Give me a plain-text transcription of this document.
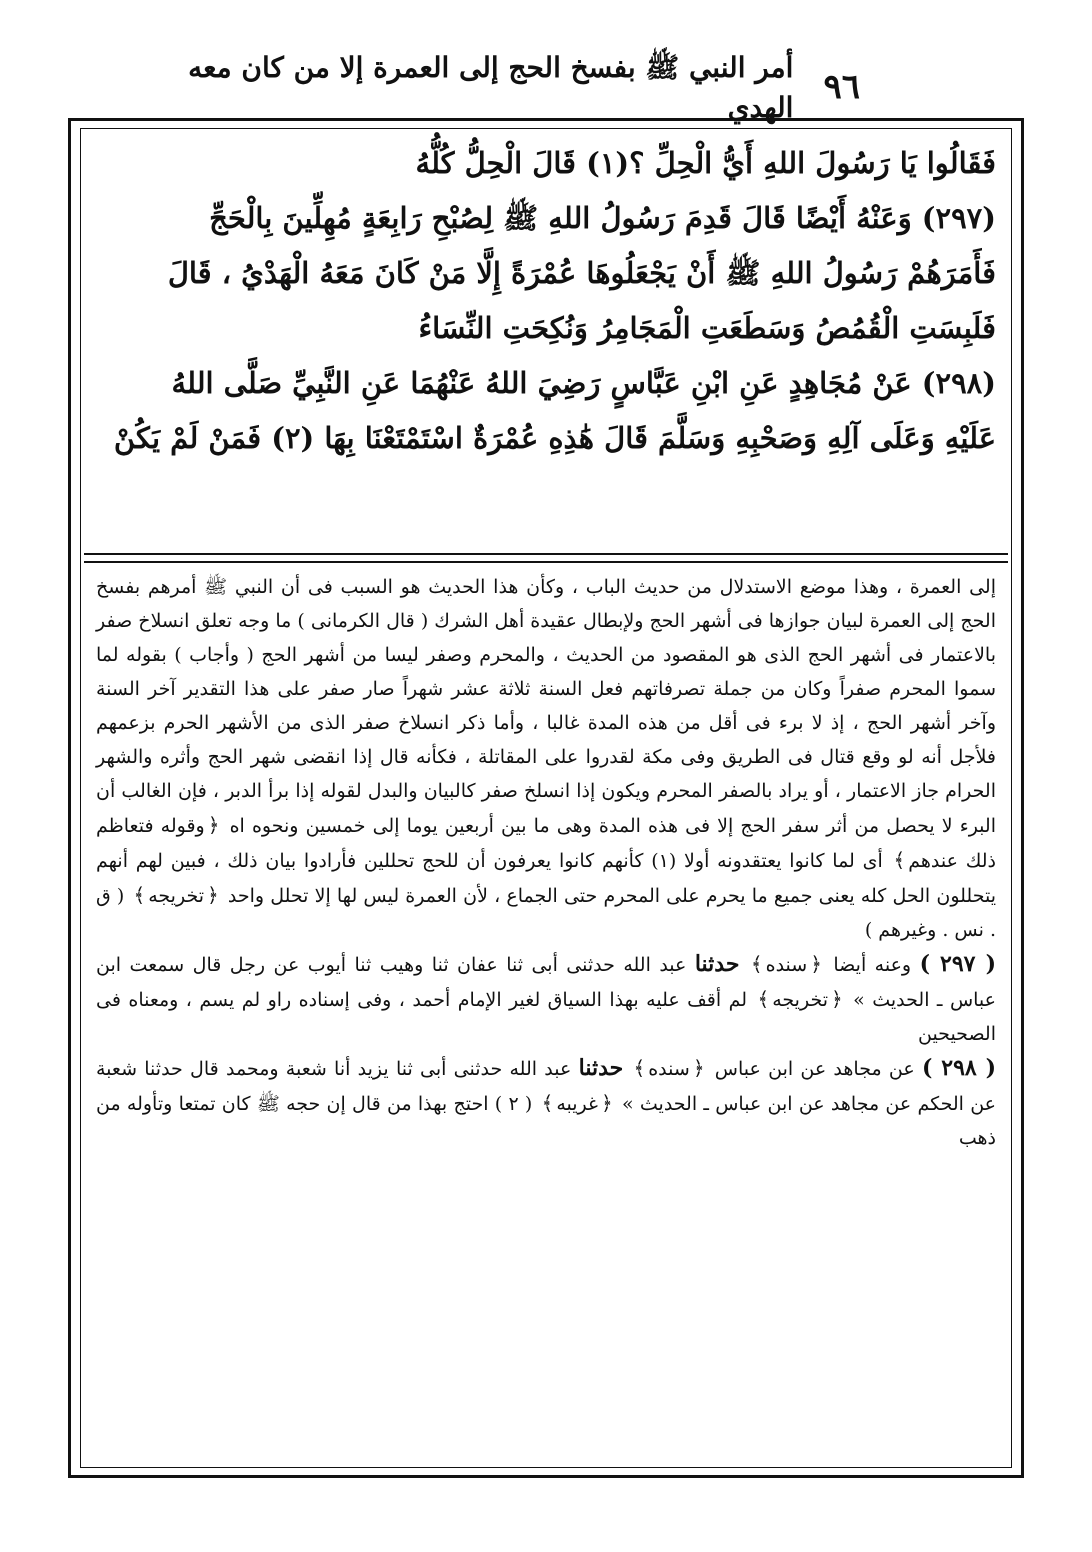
٩٦
أمر النبي ﷺ بفسخ الحج إلى العمرة إلا من كان معه الهدي

فَقَالُوا يَا رَسُولَ اللهِ أَيُّ الْحِلِّ ؟(١) قَالَ الْحِلُّ كُلُّهُ

(٢٩٧) وَعَنْهُ أَيْضًا قَالَ قَدِمَ رَسُولُ اللهِ ﷺ لِصُبْحِ رَابِعَةٍ مُهِلِّينَ بِالْحَجِّ

فَأَمَرَهُمْ رَسُولُ اللهِ ﷺ أَنْ يَجْعَلُوهَا عُمْرَةً إِلَّا مَنْ كَانَ مَعَهُ الْهَدْيُ ، قَالَ

فَلَبِسَتِ الْقُمُصُ وَسَطَعَتِ الْمَجَامِرُ وَنُكِحَتِ النِّسَاءُ

(٢٩٨) عَنْ مُجَاهِدٍ عَنِ ابْنِ عَبَّاسٍ رَضِيَ اللهُ عَنْهُمَا عَنِ النَّبِيِّ صَلَّى اللهُ

عَلَيْهِ وَعَلَى آلِهِ وَصَحْبِهِ وَسَلَّمَ قَالَ هَٰذِهِ عُمْرَةٌ اسْتَمْتَعْنَا بِهَا (٢) فَمَنْ لَمْ يَكُنْ

إلى العمرة ، وهذا موضع الاستدلال من حديث الباب ، وكأن هذا الحديث هو السبب فى أن النبي ﷺ أمرهم بفسخ الحج إلى العمرة لبيان جوازها فى أشهر الحج ولإبطال عقيدة أهل الشرك ( قال الكرمانى ) ما وجه تعلق انسلاخ صفر بالاعتمار فى أشهر الحج الذى هو المقصود من الحديث ، والمحرم وصفر ليسا من أشهر الحج ( وأجاب ) بقوله لما سموا المحرم صفراً وكان من جملة تصرفاتهم فعل السنة ثلاثة عشر شهراً صار صفر على هذا التقدير آخر السنة وآخر أشهر الحج ، إذ لا برء فى أقل من هذه المدة غالبا ، وأما ذكر انسلاخ صفر الذى من الأشهر الحرم بزعمهم فلأجل أنه لو وقع قتال فى الطريق وفى مكة لقدروا على المقاتلة ، فكأنه قال إذا انقضى شهر الحج وأثره والشهر الحرام جاز الاعتمار ، أو يراد بالصفر المحرم ويكون إذا انسلخ صفر كالبيان والبدل لقوله إذا برأ الدبر ، فإن الغالب أن البرء لا يحصل من أثر سفر الحج إلا فى هذه المدة وهى ما بين أربعين يوما إلى خمسين ونحوه اه ﴿وقوله فتعاظم ذلك عندهم﴾ أى لما كانوا يعتقدونه أولا (١) كأنهم كانوا يعرفون أن للحج تحللين فأرادوا بيان ذلك ، فبين لهم أنهم يتحللون الحل كله يعنى جميع ما يحرم على المحرم حتى الجماع ، لأن العمرة ليس لها إلا تحلل واحد ﴿تخريجه﴾ ( ق . نس . وغيرهم )

( ٢٩٧ ) وعنه أيضا ﴿سنده﴾ حدثنا عبد الله حدثنى أبى ثنا عفان ثنا وهيب ثنا أيوب عن رجل قال سمعت ابن عباس ـ الحديث » ﴿تخريجه﴾ لم أقف عليه بهذا السياق لغير الإمام أحمد ، وفى إسناده راو لم يسم ، ومعناه فى الصحيحين

( ٢٩٨ ) عن مجاهد عن ابن عباس ﴿سنده﴾ حدثنا عبد الله حدثنى أبى ثنا يزيد أنا شعبة ومحمد قال حدثنا شعبة عن الحكم عن مجاهد عن ابن عباس ـ الحديث » ﴿غريبه﴾ ( ٢ ) احتج بهذا من قال إن حجه ﷺ كان تمتعا وتأوله من ذهب
